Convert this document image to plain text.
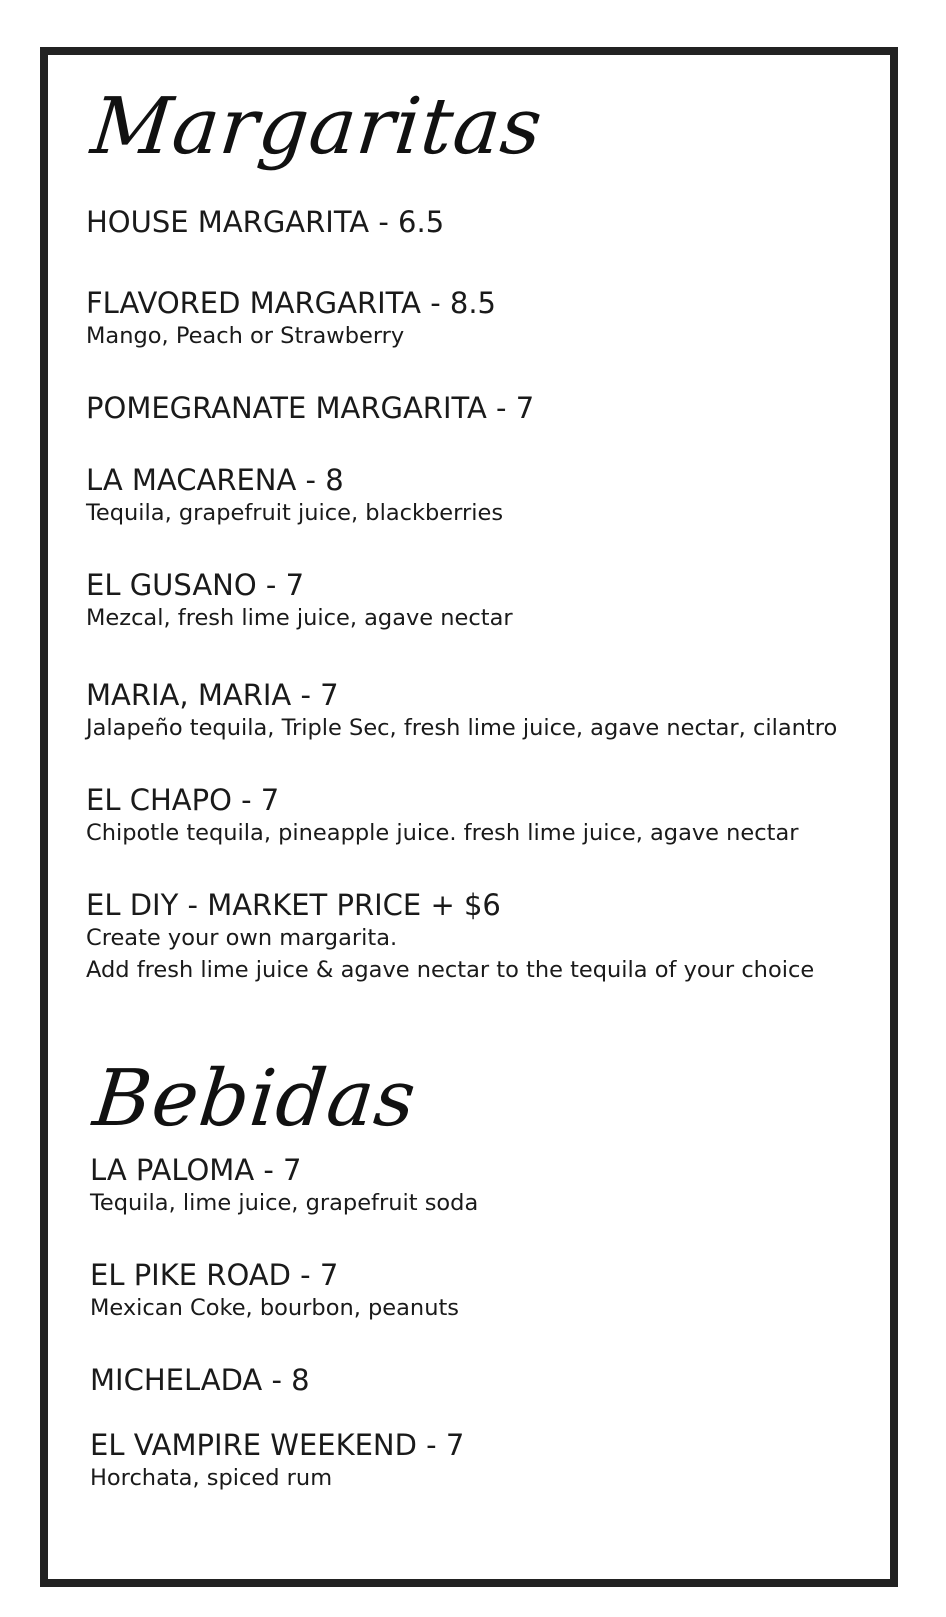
Margaritas
HOUSE MARGARITA - 6.5
FLAVORED MARGARITA - 8.5
Mango, Peach or Strawberry
POMEGRANATE MARGARITA - 7
LA MACARENA - 8
Tequila, grapefruit juice, blackberries
EL GUSANO - 7
Mezcal, fresh lime juice, agave nectar
MARIA, MARIA - 7
Jalapeño tequila, Triple Sec, fresh lime juice, agave nectar, cilantro
EL CHAPO - 7
Chipotle tequila, pineapple juice. fresh lime juice, agave nectar
EL DIY - MARKET PRICE + $6
Create your own margarita.
Add fresh lime juice & agave nectar to the tequila of your choice
Bebidas
LA PALOMA - 7
Tequila, lime juice, grapefruit soda
EL PIKE ROAD - 7
Mexican Coke, bourbon, peanuts
MICHELADA - 8
EL VAMPIRE WEEKEND - 7
Horchata, spiced rum
